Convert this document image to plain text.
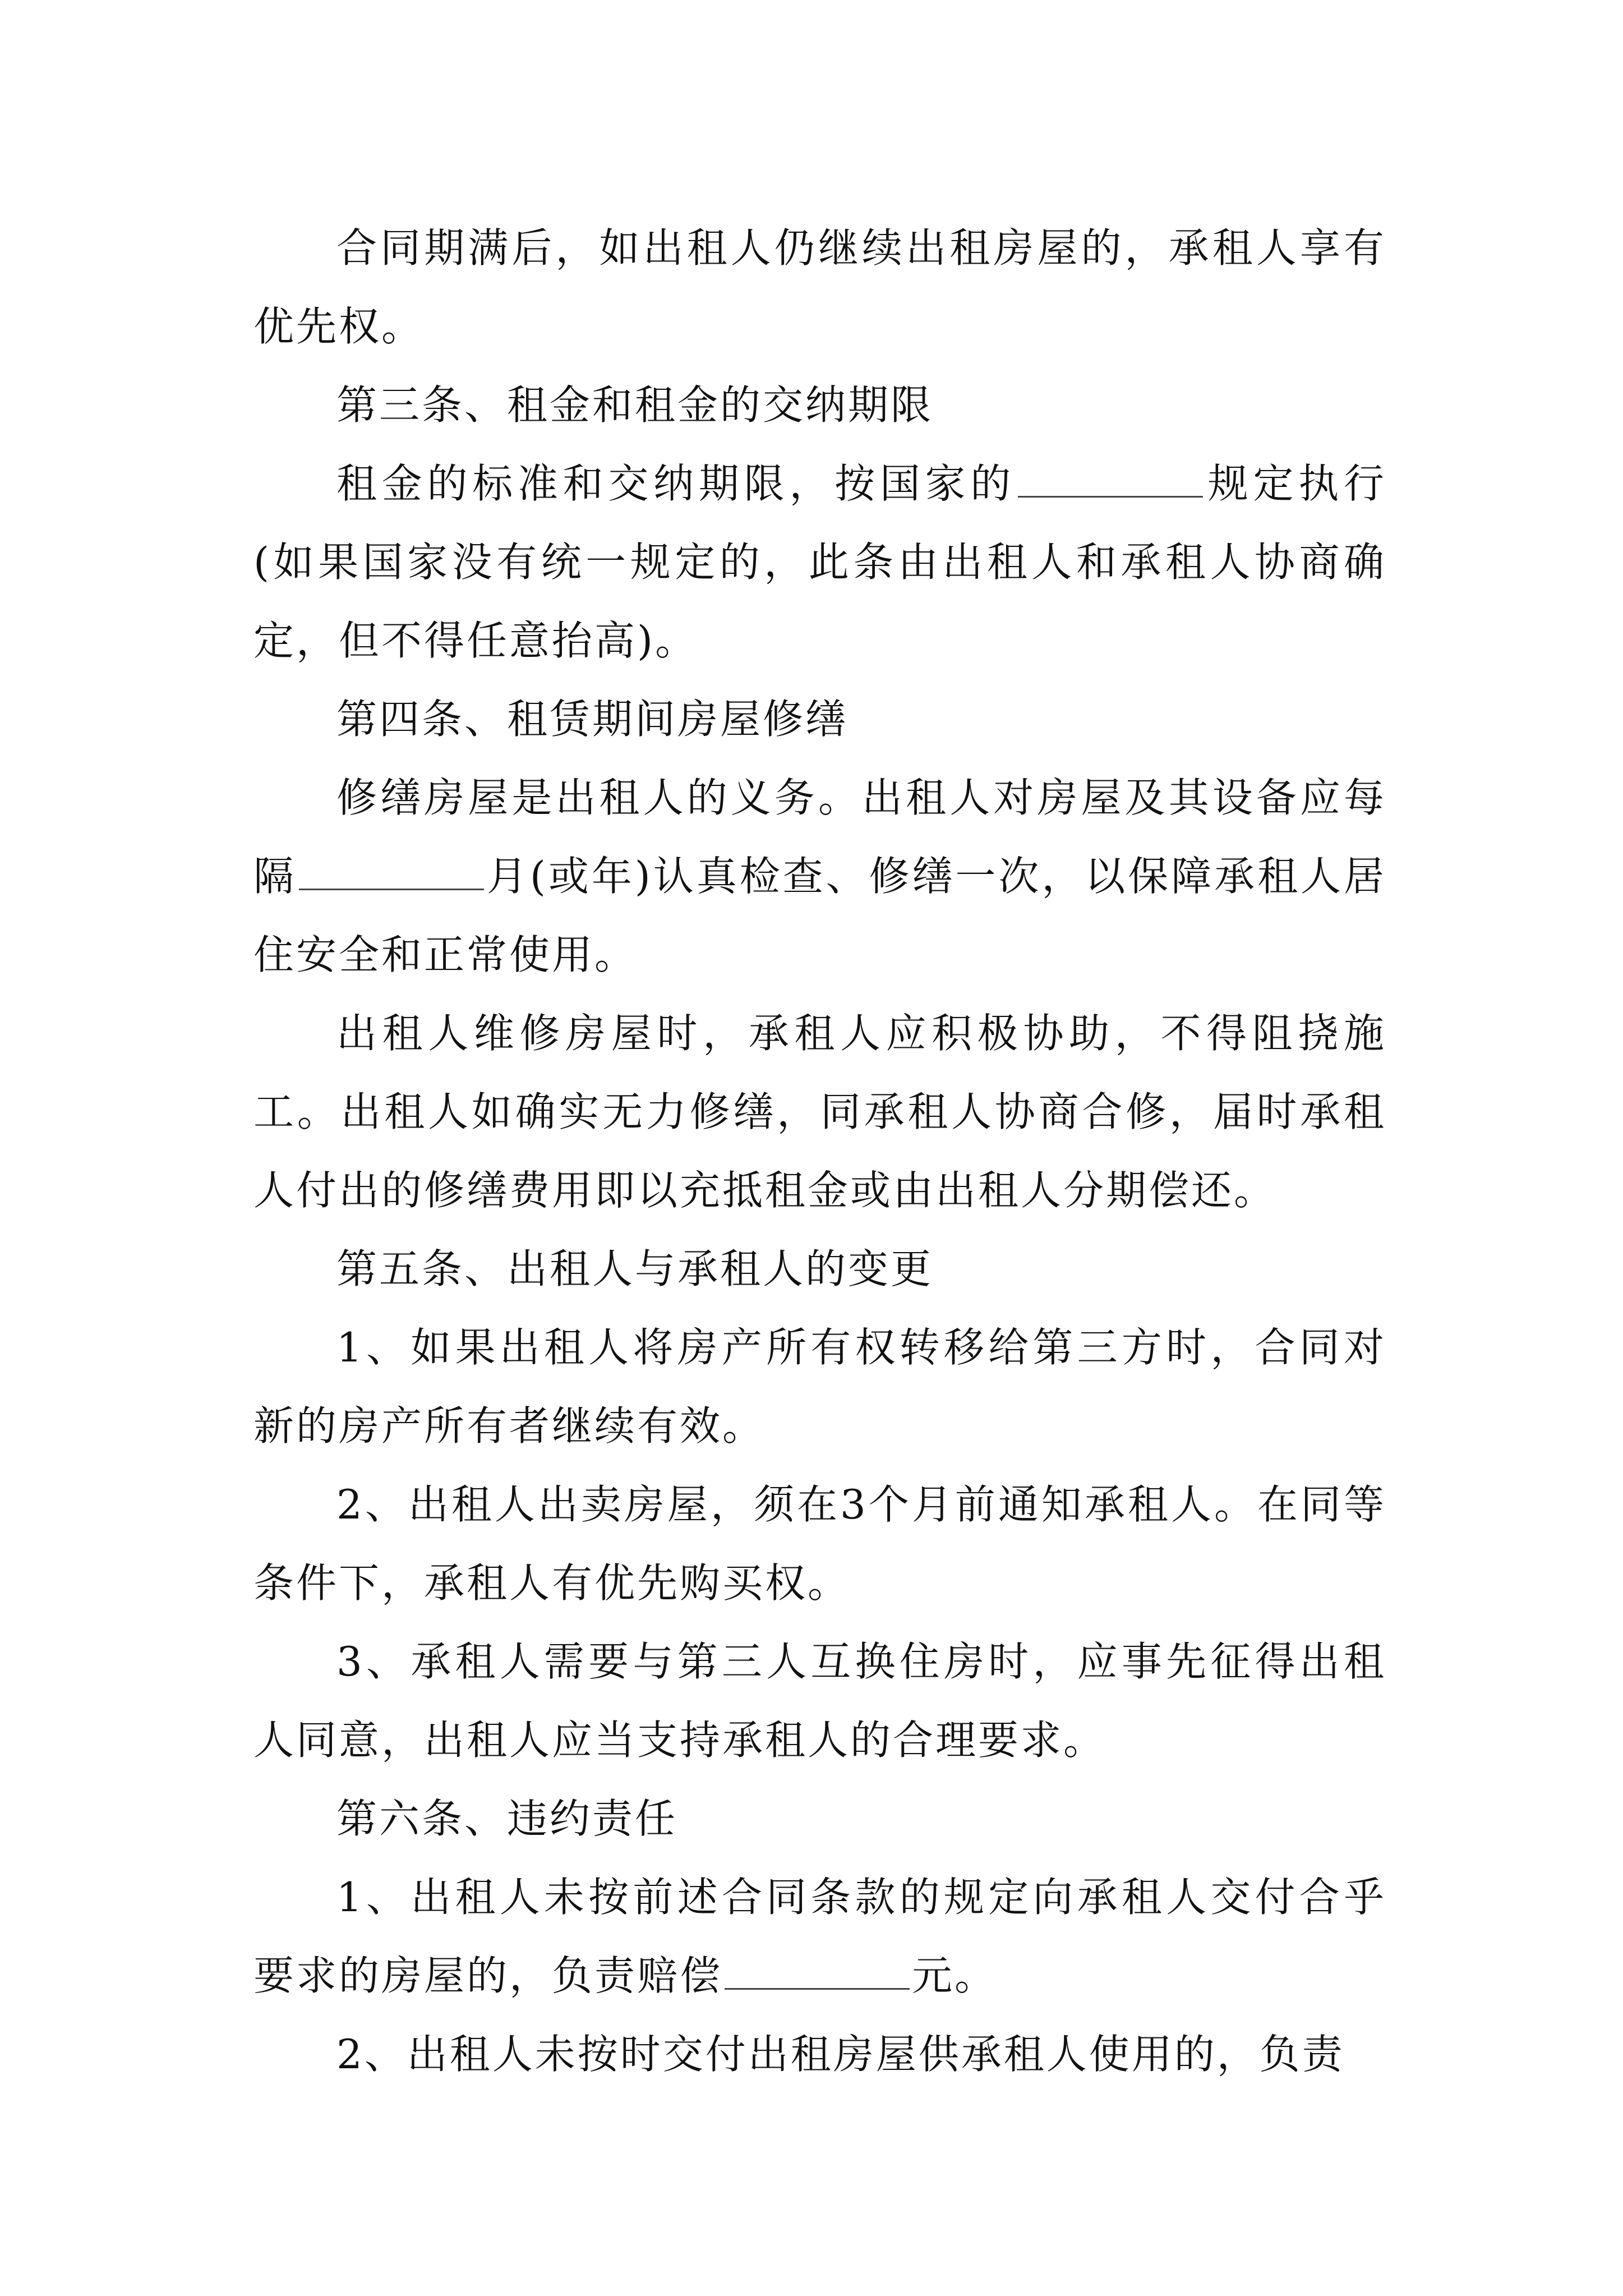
合同期满后，如出租人仍继续出租房屋的，承租人享有优先权。

第三条、租金和租金的交纳期限

租金的标准和交纳期限，按国家的	规定执行(如果国家没有统一规定的，此条由出租人和承租人协商确定，但不得任意抬高)。

第四条、租赁期间房屋修缮

修缮房屋是出租人的义务。出租人对房屋及其设备应每隔	月(或年)认真检查、修缮一次，以保障承租人居住安全和正常使用。

出租人维修房屋时，承租人应积极协助，不得阻挠施工。出租人如确实无力修缮，同承租人协商合修，届时承租人付出的修缮费用即以充抵租金或由出租人分期偿还。

第五条、出租人与承租人的变更

1、如果出租人将房产所有权转移给第三方时，合同对新的房产所有者继续有效。

2、出租人出卖房屋，须在3个月前通知承租人。在同等条件下，承租人有优先购买权。

3、承租人需要与第三人互换住房时，应事先征得出租人同意，出租人应当支持承租人的合理要求。

第六条、违约责任

1、出租人未按前述合同条款的规定向承租人交付合乎要求的房屋的，负责赔偿	元。

2、出租人未按时交付出租房屋供承租人使用的，负责
